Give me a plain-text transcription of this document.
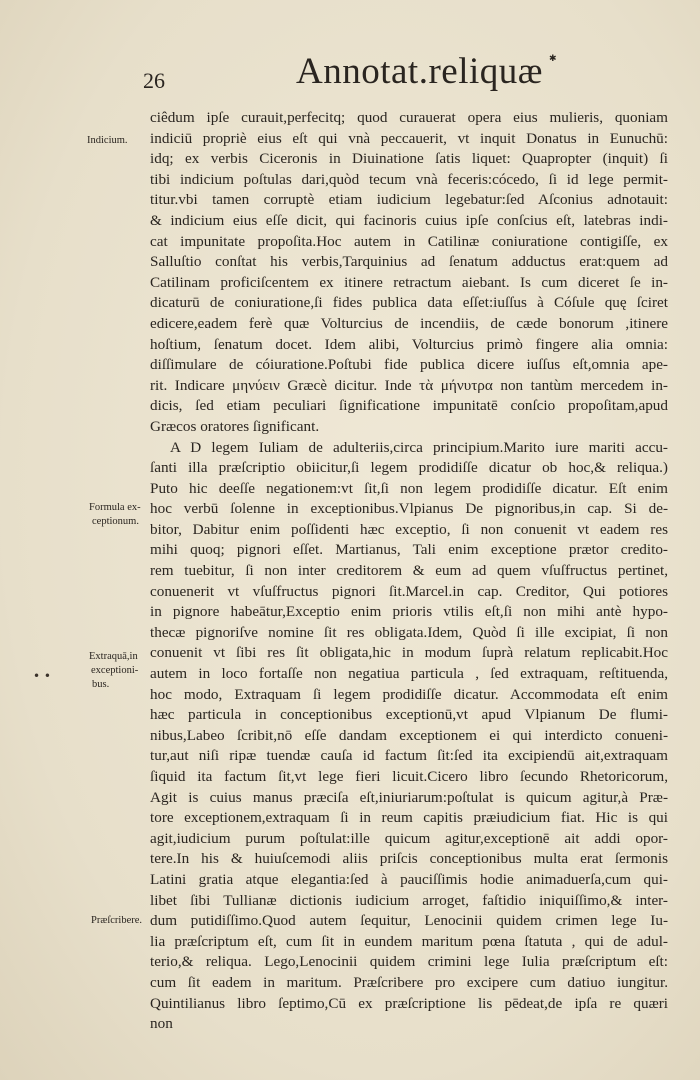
26	Annotat.reliquæ ✱
Indicium.
Formula ex-
ceptionum.
Extraquā,in
exceptioni-
bus.
Præſcribere.
• •
ciêdum ipſe curauit,perfecitq; quod curauerat opera eius mulieris, quoniam
indiciū propriè eius eſt qui vnà peccauerit, vt inquit Donatus in Eunuchū:
idq; ex verbis Ciceronis in Diuinatione ſatis liquet: Quapropter (inquit) ſi
tibi indicium poſtulas dari,quòd tecum vnà feceris:cócedo, ſi id lege permit-
titur.vbi tamen corruptè etiam iudicium legebatur:ſed Aſconius adnotauit:
& indicium eius eſſe dicit, qui facinoris cuius ipſe conſcius eſt, latebras indi-
cat impunitate propoſita.Hoc autem in Catilinæ coniuratione contigiſſe, ex
Salluſtio conſtat his verbis,Tarquinius ad ſenatum adductus erat:quem ad
Catilinam proficiſcentem ex itinere retractum aiebant. Is cum diceret ſe in-
dicaturū de coniuratione,ſi fides publica data eſſet:iuſſus à Cóſule quę ſciret
edicere,eadem ferè quæ Volturcius de incendiis, de cæde bonorum ,itinere
hoſtium, ſenatum docet. Idem alibi, Volturcius primò fingere alia omnia:
diſſimulare de cóiuratione.Poſtubi fide publica dicere iuſſus eſt,omnia ape-
rit. Indicare μηνύειν Græcè dicitur. Inde τὰ μήνυτρα non tantùm mercedem in-
dicis, ſed etiam peculiari ſignificatione impunitatē conſcio propoſitam,apud
Græcos oratores ſignificant.
A D legem Iuliam de adulteriis,circa principium.Marito iure mariti accu-
ſanti illa præſcriptio obiicitur,ſi legem prodidiſſe dicatur ob hoc,& reliqua.)
Puto hic deeſſe negationem:vt ſit,ſi non legem prodidiſſe dicatur. Eſt enim
hoc verbū ſolenne in exceptionibus.Vlpianus De pignoribus,in cap. Si de-
bitor, Dabitur enim poſſidenti hæc exceptio, ſi non conuenit vt eadem res
mihi quoq; pignori eſſet. Martianus, Tali enim exceptione prætor credito-
rem tuebitur, ſi non inter creditorem & eum ad quem vſuſfructus pertinet,
conuenerit vt vſuſfructus pignori ſit.Marcel.in cap. Creditor, Qui potiores
in pignore habeātur,Exceptio enim prioris vtilis eſt,ſi non mihi antè hypo-
thecæ pignoriſve nomine ſit res obligata.Idem, Quòd ſi ille excipiat, ſi non
conuenit vt ſibi res ſit obligata,hic in modum ſuprà relatum replicabit.Hoc
autem in loco fortaſſe non negatiua particula , ſed extraquam, reſtituenda,
hoc modo, Extraquam ſi legem prodidiſſe dicatur. Accommodata eſt enim
hæc particula in conceptionibus exceptionū,vt apud Vlpianum De flumi-
nibus,Labeo ſcribit,nō eſſe dandam exceptionem ei qui interdicto conueni-
tur,aut niſi ripæ tuendæ cauſa id factum ſit:ſed ita excipiendū ait,extraquam
ſiquid ita factum ſit,vt lege fieri licuit.Cicero libro ſecundo Rhetoricorum,
Agit is cuius manus præciſa eſt,iniuriarum:poſtulat is quicum agitur,à Præ-
tore exceptionem,extraquam ſi in reum capitis præiudicium fiat. Hic is qui
agit,iudicium purum poſtulat:ille quicum agitur,exceptionē ait addi opor-
tere.In his & huiuſcemodi aliis priſcis conceptionibus multa erat ſermonis
Latini gratia atque elegantia:ſed à pauciſſimis hodie animaduerſa,cum qui-
libet ſibi Tullianæ dictionis iudicium arroget, faſtidio iniquiſſimo,& inter-
dum putidiſſimo.Quod autem ſequitur, Lenocinii quidem crimen lege Iu-
lia præſcriptum eſt, cum ſit in eundem maritum pœna ſtatuta , qui de adul-
terio,& reliqua. Lego,Lenocinii quidem crimini lege Iulia præſcriptum eſt:
cum ſit eadem in maritum. Præſcribere pro excipere cum datiuo iungitur.
Quintilianus libro ſeptimo,Cū ex præſcriptione lis pēdeat,de ipſa re quæri
non
